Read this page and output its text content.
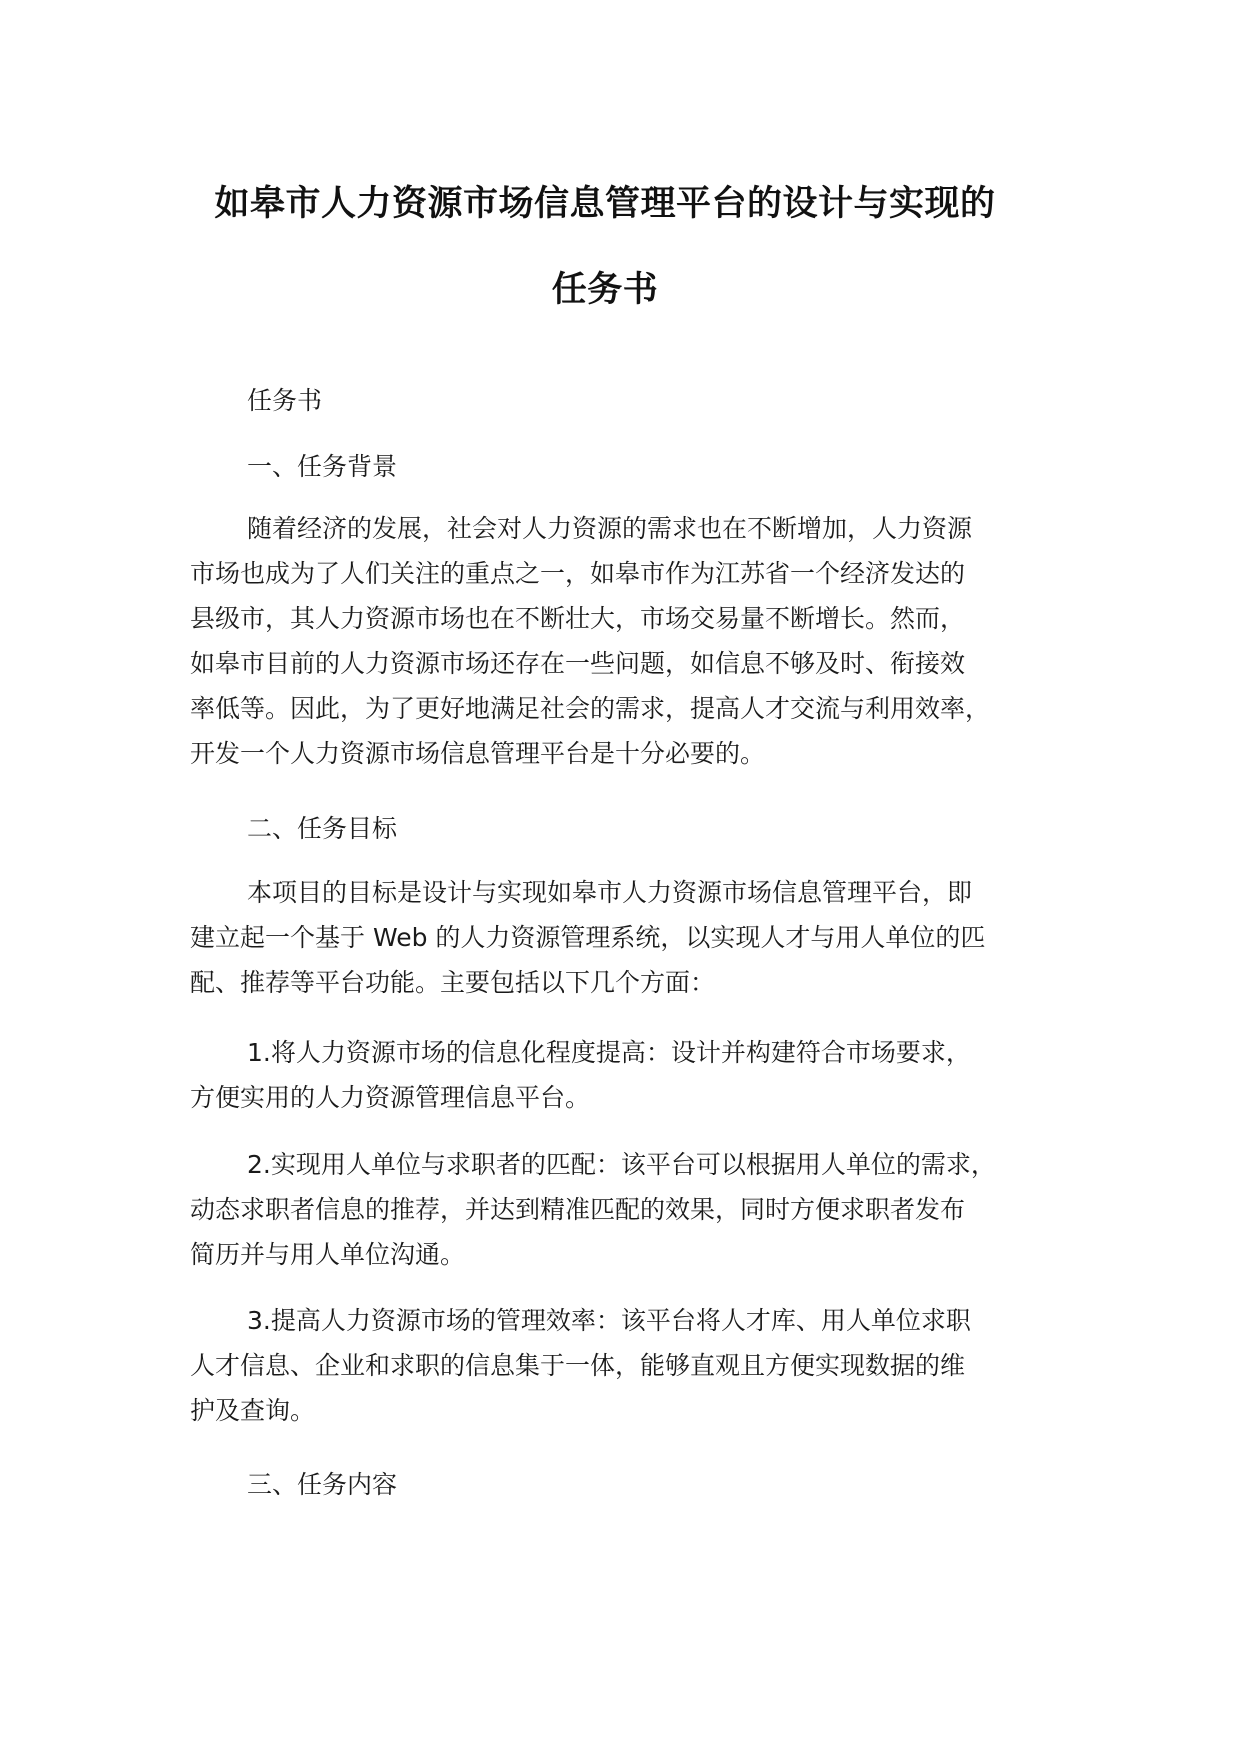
如皋市人力资源市场信息管理平台的设计与实现的
任务书
任务书
一、任务背景
随着经济的发展，社会对人力资源的需求也在不断增加，人力资源
市场也成为了人们关注的重点之一，如皋市作为江苏省一个经济发达的
县级市，其人力资源市场也在不断壮大，市场交易量不断增长。然而，
如皋市目前的人力资源市场还存在一些问题，如信息不够及时、衔接效
率低等。因此，为了更好地满足社会的需求，提高人才交流与利用效率，
开发一个人力资源市场信息管理平台是十分必要的。
二、任务目标
本项目的目标是设计与实现如皋市人力资源市场信息管理平台，即
建立起一个基于 Web 的人力资源管理系统，以实现人才与用人单位的匹
配、推荐等平台功能。主要包括以下几个方面：
1.将人力资源市场的信息化程度提高：设计并构建符合市场要求，
方便实用的人力资源管理信息平台。
2.实现用人单位与求职者的匹配：该平台可以根据用人单位的需求，
动态求职者信息的推荐，并达到精准匹配的效果，同时方便求职者发布
简历并与用人单位沟通。
3.提高人力资源市场的管理效率：该平台将人才库、用人单位求职
人才信息、企业和求职的信息集于一体，能够直观且方便实现数据的维
护及查询。
三、任务内容
